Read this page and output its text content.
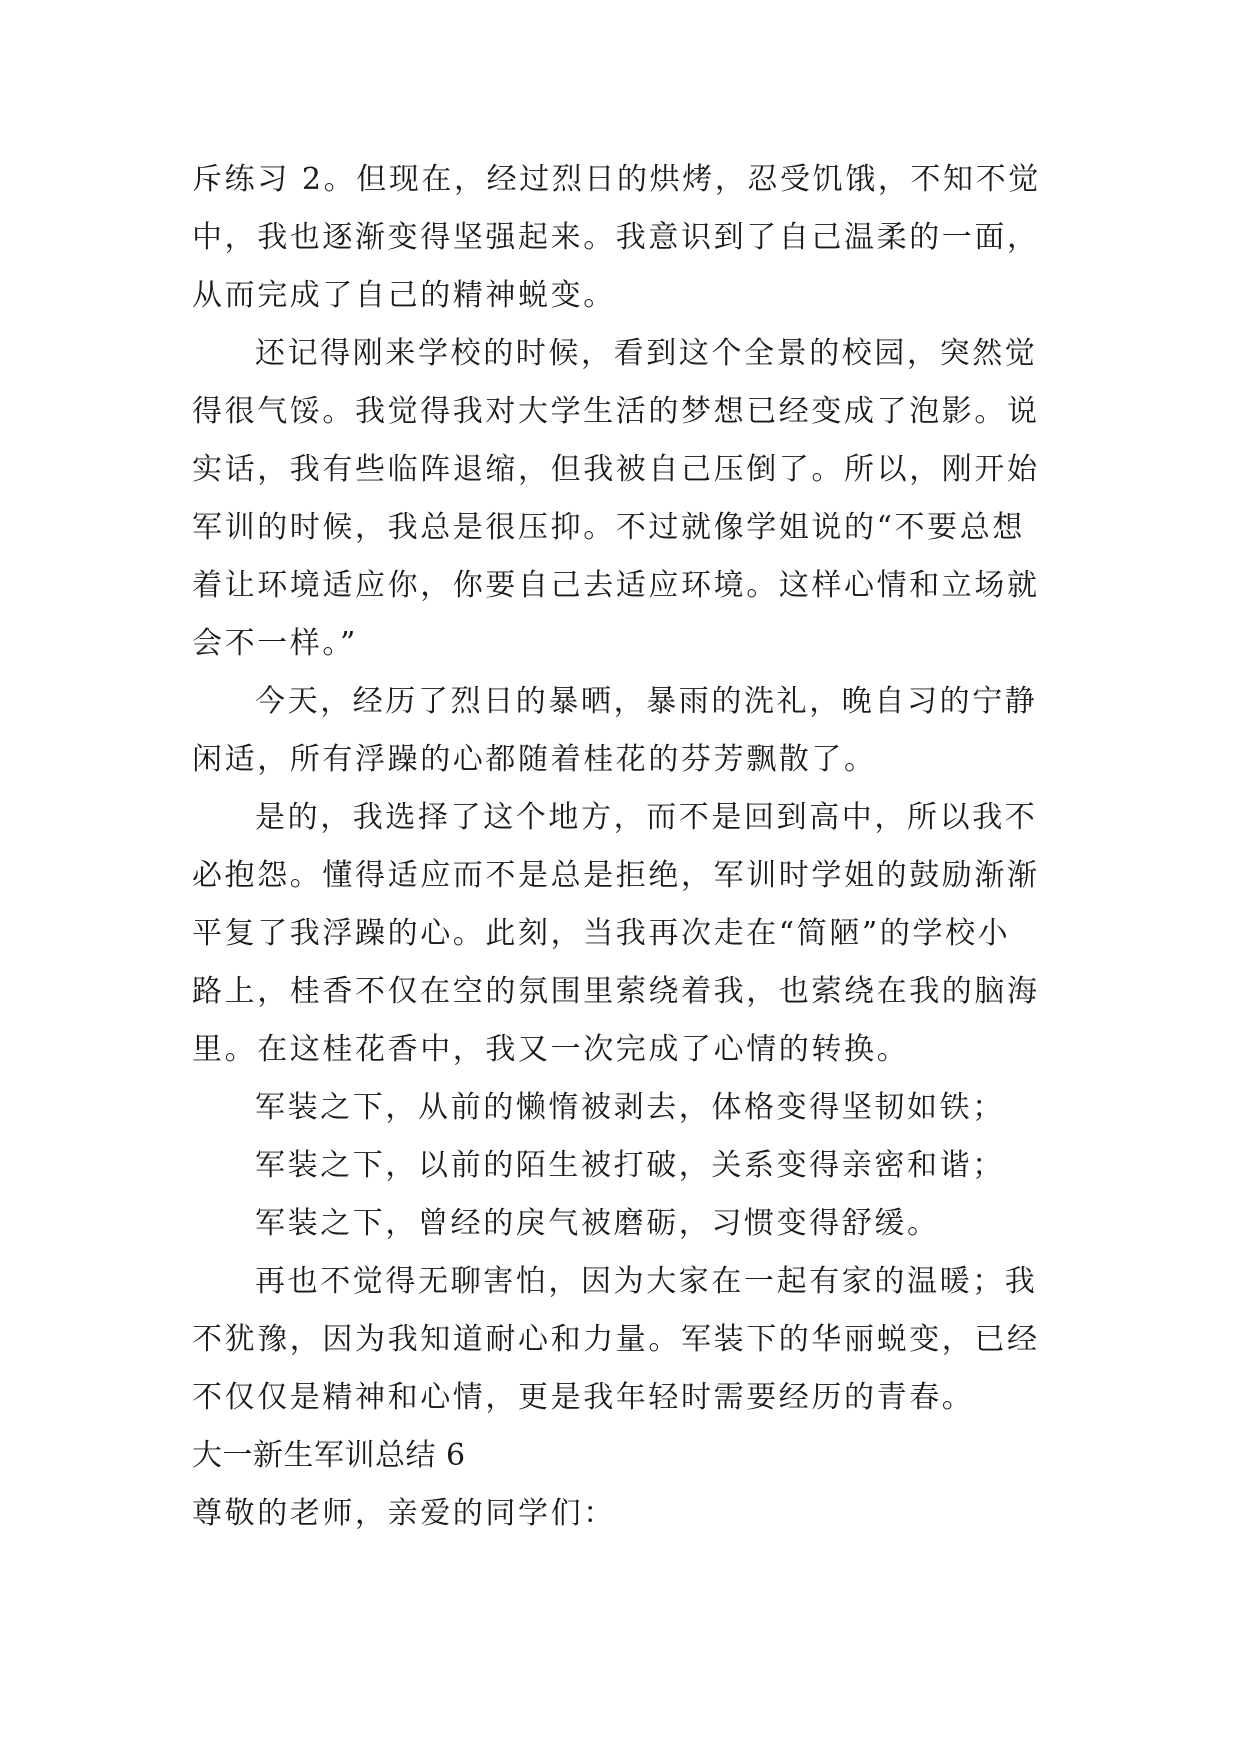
斥练习 2。但现在，经过烈日的烘烤，忍受饥饿，不知不觉
中，我也逐渐变得坚强起来。我意识到了自己温柔的一面，
从而完成了自己的精神蜕变。
还记得刚来学校的时候，看到这个全景的校园，突然觉
得很气馁。我觉得我对大学生活的梦想已经变成了泡影。说
实话，我有些临阵退缩，但我被自己压倒了。所以，刚开始
军训的时候，我总是很压抑。不过就像学姐说的“不要总想
着让环境适应你，你要自己去适应环境。这样心情和立场就
会不一样。”
今天，经历了烈日的暴晒，暴雨的洗礼，晚自习的宁静
闲适，所有浮躁的心都随着桂花的芬芳飘散了。
是的，我选择了这个地方，而不是回到高中，所以我不
必抱怨。懂得适应而不是总是拒绝，军训时学姐的鼓励渐渐
平复了我浮躁的心。此刻，当我再次走在“简陋”的学校小
路上，桂香不仅在空的氛围里萦绕着我，也萦绕在我的脑海
里。在这桂花香中，我又一次完成了心情的转换。
军装之下，从前的懒惰被剥去，体格变得坚韧如铁；
军装之下，以前的陌生被打破，关系变得亲密和谐；
军装之下，曾经的戾气被磨砺，习惯变得舒缓。
再也不觉得无聊害怕，因为大家在一起有家的温暖；我
不犹豫，因为我知道耐心和力量。军装下的华丽蜕变，已经
不仅仅是精神和心情，更是我年轻时需要经历的青春。
大一新生军训总结 6
尊敬的老师，亲爱的同学们：
